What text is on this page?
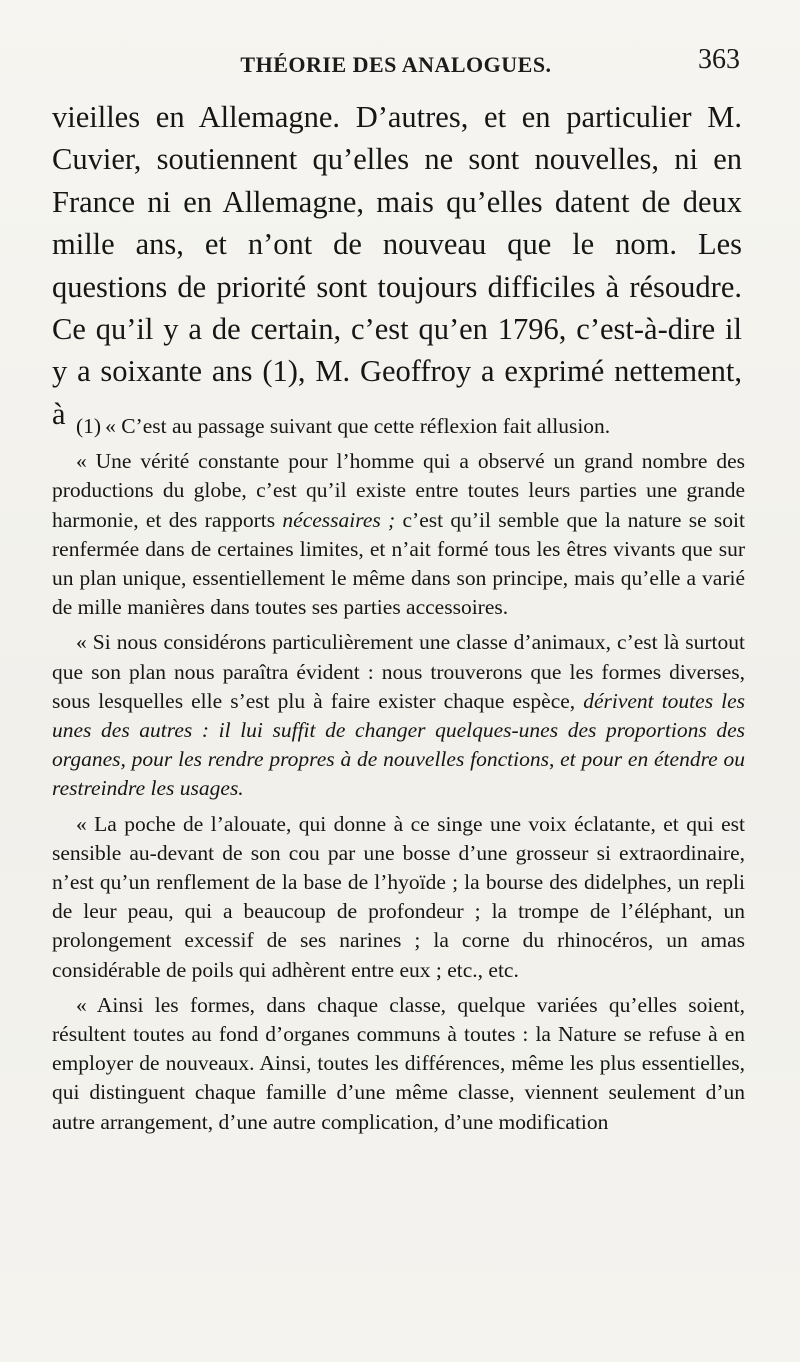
THÉORIE DES ANALOGUES.	363

vieilles en Allemagne. D’autres, et en particulier M. Cuvier, soutiennent qu’elles ne sont nouvelles, ni en France ni en Allemagne, mais qu’elles datent de deux mille ans, et n’ont de nouveau que le nom. Les questions de priorité sont toujours difficiles à résoudre. Ce qu’il y a de certain, c’est qu’en 1796, c’est-à-dire il y a soixante ans (1), M. Geoffroy a exprimé nettement, à (1) « C’est au passage suivant que cette réflexion fait allusion.

« Une vérité constante pour l’homme qui a observé un grand nombre des productions du globe, c’est qu’il existe entre toutes leurs parties une grande harmonie, et des rapports nécessaires ; c’est qu’il semble que la nature se soit renfermée dans de certaines limites, et n’ait formé tous les êtres vivants que sur un plan unique, essentiellement le même dans son principe, mais qu’elle a varié de mille manières dans toutes ses parties accessoires.

« Si nous considérons particulièrement une classe d’animaux, c’est là surtout que son plan nous paraîtra évident : nous trouverons que les formes diverses, sous lesquelles elle s’est plu à faire exister chaque espèce, dérivent toutes les unes des autres : il lui suffit de changer quelques-unes des proportions des organes, pour les rendre propres à de nouvelles fonctions, et pour en étendre ou restreindre les usages.

« La poche de l’alouate, qui donne à ce singe une voix éclatante, et qui est sensible au-devant de son cou par une bosse d’une grosseur si extraordinaire, n’est qu’un renflement de la base de l’hyoïde ; la bourse des didelphes, un repli de leur peau, qui a beaucoup de profondeur ; la trompe de l’éléphant, un prolongement excessif de ses narines ; la corne du rhinocéros, un amas considérable de poils qui adhèrent entre eux ; etc., etc.

« Ainsi les formes, dans chaque classe, quelque variées qu’elles soient, résultent toutes au fond d’organes communs à toutes : la Nature se refuse à en employer de nouveaux. Ainsi, toutes les différences, même les plus essentielles, qui distinguent chaque famille d’une même classe, viennent seulement d’un autre arrangement, d’une autre complication, d’une modification
